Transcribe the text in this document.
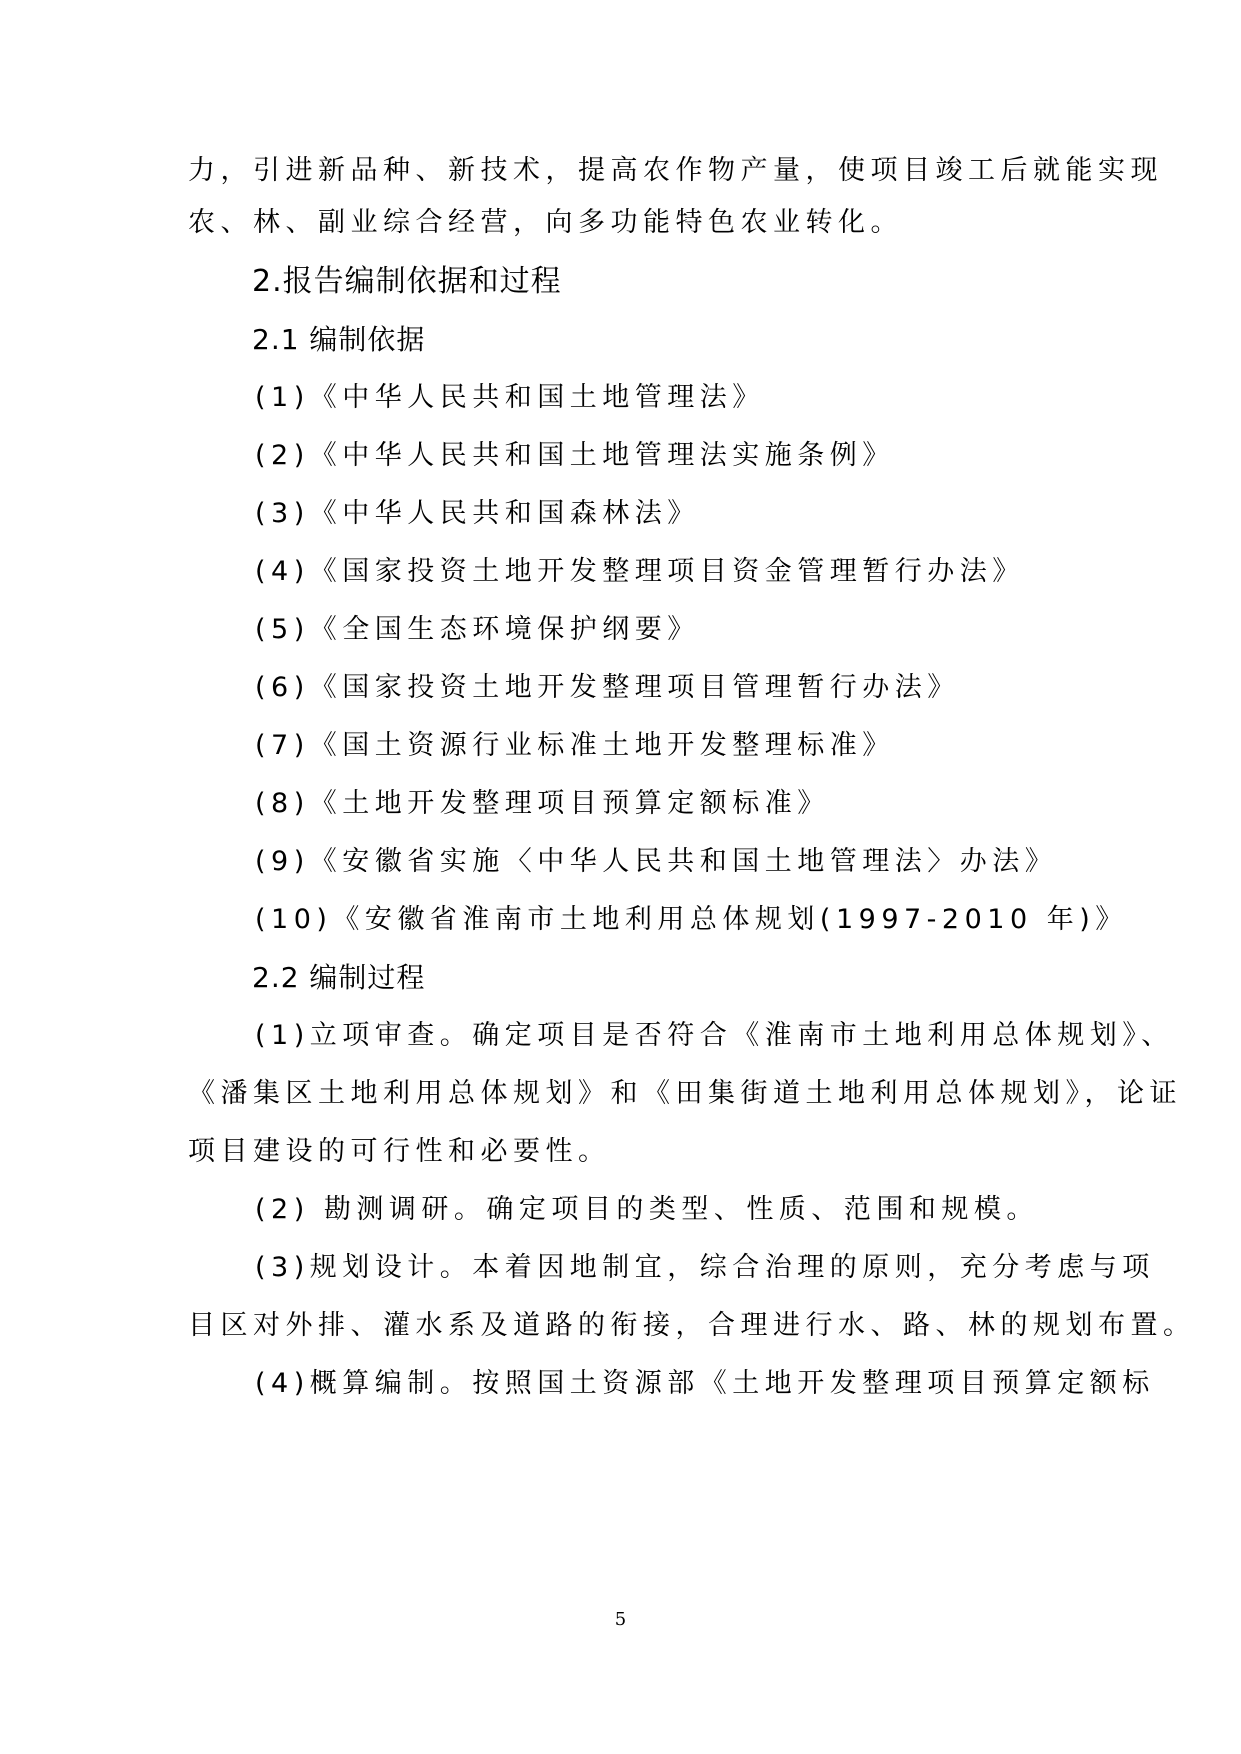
力，引进新品种、新技术，提高农作物产量，使项目竣工后就能实现
农、林、副业综合经营，向多功能特色农业转化。
2.报告编制依据和过程
2.1 编制依据
(1)《中华人民共和国土地管理法》
(2)《中华人民共和国土地管理法实施条例》
(3)《中华人民共和国森林法》
(4)《国家投资土地开发整理项目资金管理暂行办法》
(5)《全国生态环境保护纲要》
(6)《国家投资土地开发整理项目管理暂行办法》
(7)《国土资源行业标准土地开发整理标准》
(8)《土地开发整理项目预算定额标准》
(9)《安徽省实施〈中华人民共和国土地管理法〉办法》
(10)《安徽省淮南市土地利用总体规划(1997-2010 年)》
2.2 编制过程
(1)立项审查。确定项目是否符合《淮南市土地利用总体规划》、
《潘集区土地利用总体规划》和《田集街道土地利用总体规划》，论证
项目建设的可行性和必要性。
(2) 勘测调研。确定项目的类型、性质、范围和规模。
(3)规划设计。本着因地制宜，综合治理的原则，充分考虑与项
目区对外排、灌水系及道路的衔接，合理进行水、路、林的规划布置。
(4)概算编制。按照国土资源部《土地开发整理项目预算定额标
5
